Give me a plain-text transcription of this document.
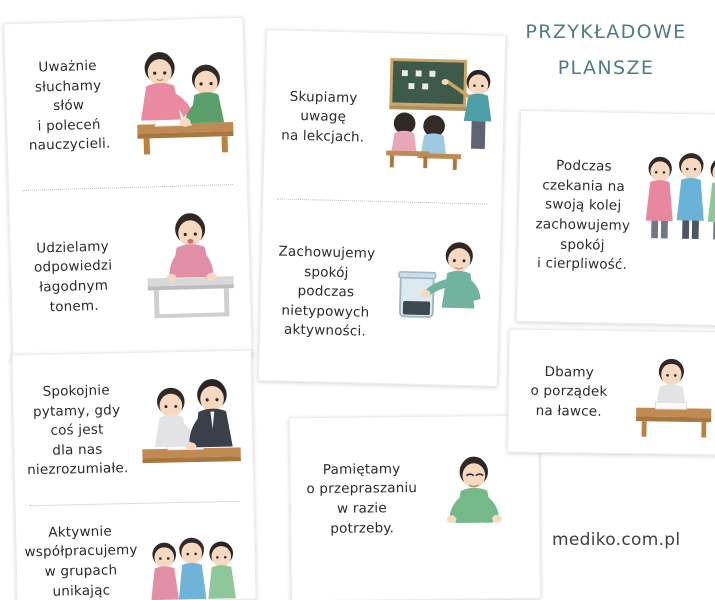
Uważnie
słuchamy
słów
i poleceń
nauczycieli.
Udzielamy
odpowiedzi
łagodnym
tonem.
Spokojnie
pytamy, gdy
coś jest
dla nas
niezrozumiałe.
Aktywnie
współpracujemy
w grupach
unikając
Skupiamy
uwagę
na lekcjach.
Zachowujemy
spokój
podczas
nietypowych
aktywności.
Pamiętamy
o przepraszaniu
w razie
potrzeby.
Podczas
czekania na
swoją kolej
zachowujemy
spokój
i cierpliwość.
Dbamy
o porządek
na ławce.
PRZYKŁADOWE
PLANSZE
mediko.com.pl
